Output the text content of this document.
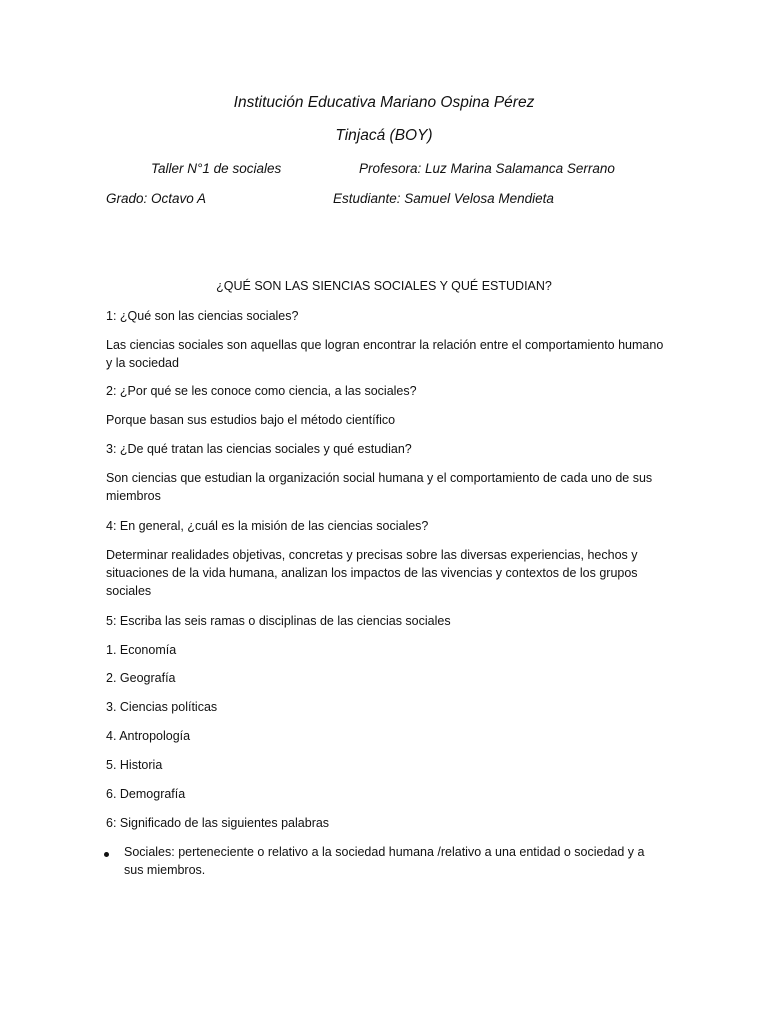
Institución Educativa Mariano Ospina Pérez
Tinjacá (BOY)
Taller N°1 de sociales	Profesora: Luz Marina Salamanca Serrano
Grado: Octavo A	Estudiante: Samuel Velosa Mendieta
¿QUÉ SON LAS SIENCIAS SOCIALES Y QUÉ ESTUDIAN?
1: ¿Qué son las ciencias sociales?
Las ciencias sociales son aquellas que logran encontrar la relación entre el comportamiento humano y la sociedad
2: ¿Por qué se les conoce como ciencia, a las sociales?
Porque basan sus estudios bajo el método científico
3: ¿De qué tratan las ciencias sociales y qué estudian?
Son ciencias que estudian la organización social humana y el comportamiento de cada uno de sus miembros
4: En general, ¿cuál es la misión de las ciencias sociales?
Determinar realidades objetivas, concretas y precisas sobre las diversas experiencias, hechos y situaciones de la vida humana, analizan los impactos de las vivencias y contextos de los grupos sociales
5: Escriba las seis ramas o disciplinas de las ciencias sociales
1. Economía
2. Geografía
3. Ciencias políticas
4. Antropología
5. Historia
6. Demografía
6: Significado de las siguientes palabras
Sociales: perteneciente o relativo a la sociedad humana /relativo a una entidad o sociedad y a sus miembros.
